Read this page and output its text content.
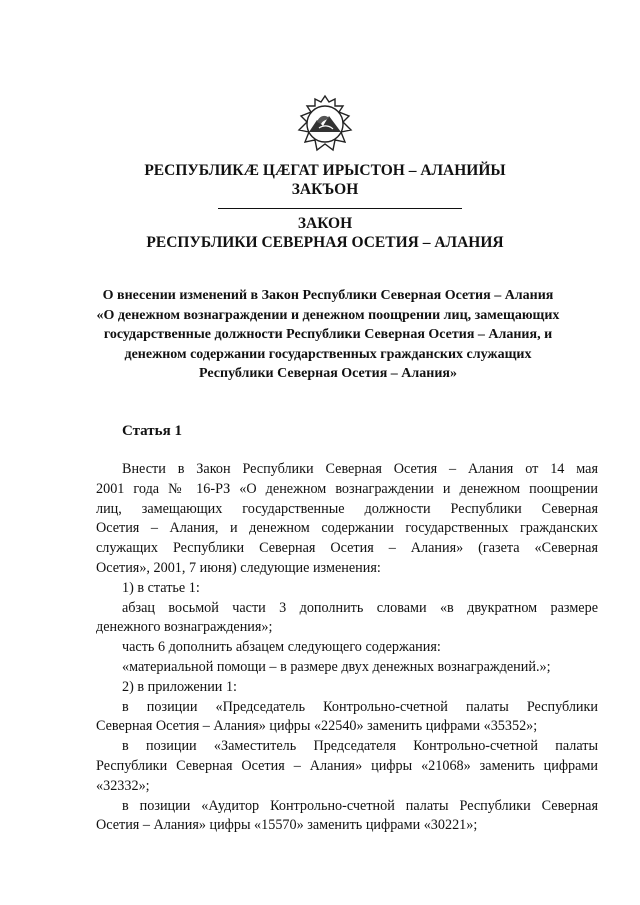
РЕСПУБЛИКÆ ЦÆГАТ ИРЫСТОН – АЛАНИЙЫ
ЗАКЪОН
ЗАКОН
РЕСПУБЛИКИ СЕВЕРНАЯ ОСЕТИЯ – АЛАНИЯ
О внесении изменений в Закон Республики Северная Осетия – Алания
«О денежном вознаграждении и денежном поощрении лиц, замещающих
государственные должности Республики Северная Осетия – Алания, и
денежном содержании государственных гражданских служащих
Республики Северная Осетия – Алания»
Статья 1
Внести в Закон Республики Северная Осетия – Алания от 14 мая
2001 года № 16-РЗ «О денежном вознаграждении и денежном поощрении
лиц, замещающих государственные должности Республики Северная
Осетия – Алания, и денежном содержании государственных гражданских
служащих Республики Северная Осетия – Алания» (газета «Северная
Осетия», 2001, 7 июня) следующие изменения:
1) в статье 1:
абзац восьмой части 3 дополнить словами «в двукратном размере
денежного вознаграждения»;
часть 6 дополнить абзацем следующего содержания:
«материальной помощи – в размере двух денежных вознаграждений.»;
2) в приложении 1:
в позиции «Председатель Контрольно-счетной палаты Республики
Северная Осетия – Алания» цифры «22540» заменить цифрами «35352»;
в позиции «Заместитель Председателя Контрольно-счетной палаты
Республики Северная Осетия – Алания» цифры «21068» заменить цифрами
«32332»;
в позиции «Аудитор Контрольно-счетной палаты Республики Северная
Осетия – Алания» цифры «15570» заменить цифрами «30221»;
